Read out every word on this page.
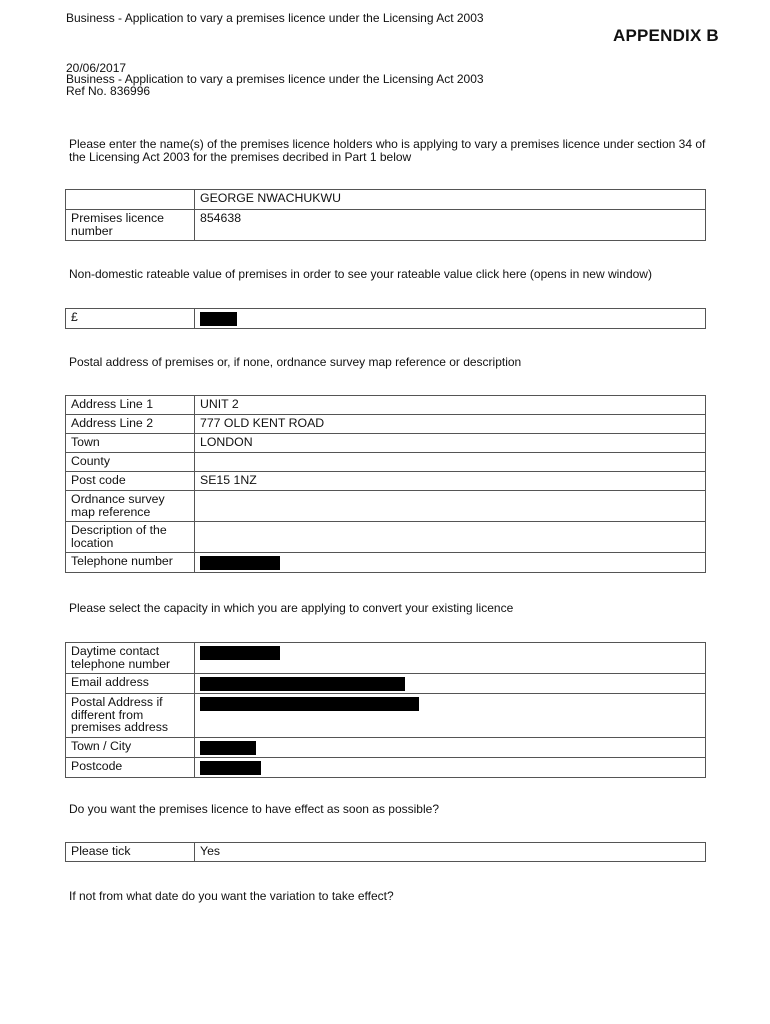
Business - Application to vary a premises licence under the Licensing Act 2003
APPENDIX B
20/06/2017
Business - Application to vary a premises licence under the Licensing Act 2003
Ref No. 836996
Please enter the name(s) of the premises licence holders who is applying to vary a premises licence under section 34 of the Licensing Act 2003 for the premises decribed in Part 1 below
	GEORGE NWACHUKWU
Premises licence number	854638
Non-domestic rateable value of premises in order to see your rateable value click here (opens in new window)
£	
Postal address of premises or, if none, ordnance survey map reference or description
Address Line 1	UNIT 2
Address Line 2	777 OLD KENT ROAD
Town	LONDON
County	
Post code	SE15 1NZ
Ordnance survey map reference	
Description of the location	
Telephone number	
Please select the capacity in which you are applying to convert your existing licence
Daytime contact telephone number	
Email address	
Postal Address if different from premises address	
Town / City	
Postcode	
Do you want the premises licence to have effect as soon as possible?
Please tick	Yes
If not from what date do you want the variation to take effect?
